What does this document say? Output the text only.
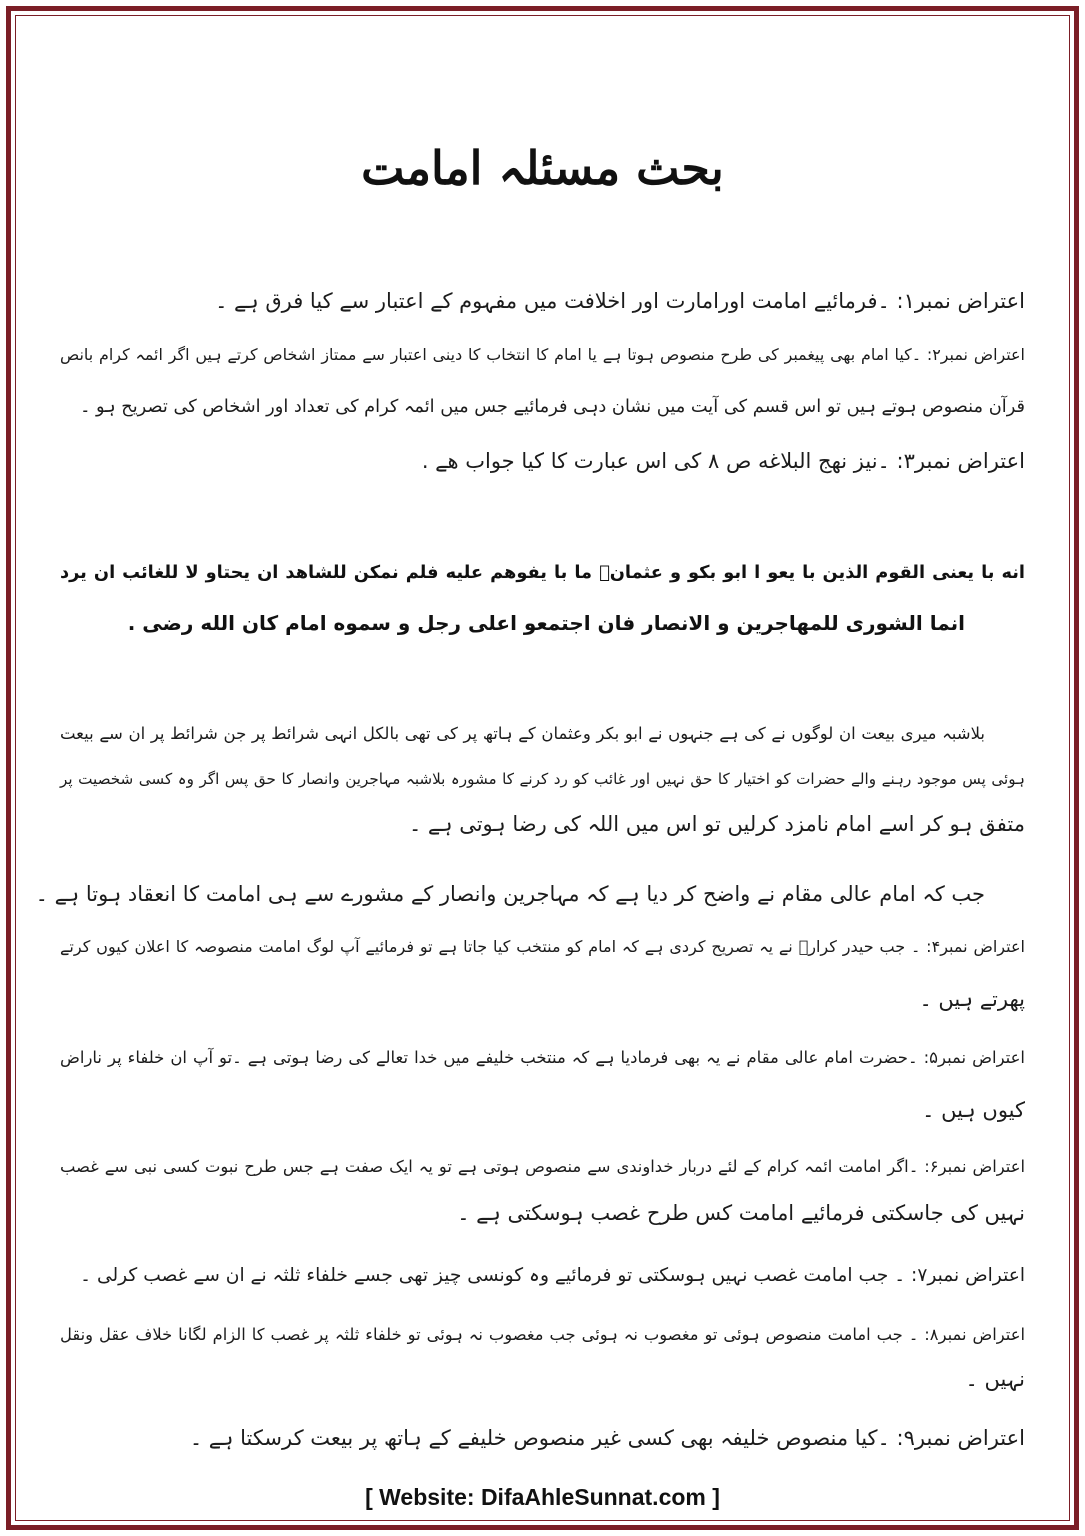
بحث مسئلہ امامت
اعتراض نمبر۱: ۔فرمائیے امامت اورامارت اور اخلافت میں مفہوم کے اعتبار سے کیا فرق ہے ۔
اعتراض نمبر۲: ۔کیا امام بھی پیغمبر کی طرح منصوص ہوتا ہے یا امام کا انتخاب کا دینی اعتبار سے ممتاز اشخاص کرتے ہیں اگر ائمہ کرام بانص
قرآن منصوص ہوتے ہیں تو اس قسم کی آیت میں نشان دہی فرمائیے جس میں ائمہ کرام کی تعداد اور اشخاص کی تصریح ہو ۔
اعتراض نمبر۳: ۔نیز نهج البلاغه ص ۸ کی اس عبارت کا کیا جواب هے .
انه با یعنی القوم الذین با یعو ا ابو بکو و عثمانؓ ما با یفوهم علیه فلم نمکن للشاهد ان یحتاو لا للغائب ان یرد
انما الشوری للمهاجرین و الانصار فان اجتمعو اعلی رجل و سموه امام کان الله رضی .
بلاشبہ میری بیعت ان لوگوں نے کی ہے جنہوں نے ابو بکر وعثمان کے ہاتھ پر کی تھی بالکل انہی شرائط پر جن شرائط پر ان سے بیعت
ہوئی پس موجود رہنے والے حضرات کو اختیار کا حق نہیں اور غائب کو رد کرنے کا مشورہ بلاشبہ مہاجرین وانصار کا حق پس اگر وہ کسی شخصیت پر
متفق ہو کر اسے امام نامزد کرلیں تو اس میں اللہ کی رضا ہوتی ہے ۔
جب کہ امام عالی مقام نے واضح کر دیا ہے کہ مہاجرین وانصار کے مشورے سے ہی امامت کا انعقاد ہوتا ہے ۔
اعتراض نمبر۴: ۔ جب حیدر کرارؓ نے یہ تصریح کردی ہے کہ امام کو منتخب کیا جاتا ہے تو فرمائیے آپ لوگ امامت منصوصہ کا اعلان کیوں کرتے
پھرتے ہیں ۔
اعتراض نمبر۵: ۔حضرت امام عالی مقام نے یہ بھی فرمادیا ہے کہ منتخب خلیفے میں خدا تعالے کی رضا ہوتی ہے ۔تو آپ ان خلفاء پر ناراض
کیوں ہیں ۔
اعتراض نمبر۶: ۔اگر امامت ائمہ کرام کے لئے دربار خداوندی سے منصوص ہوتی ہے تو یہ ایک صفت ہے جس طرح نبوت کسی نبی سے غصب
نہیں کی جاسکتی فرمائیے امامت کس طرح غصب ہوسکتی ہے ۔
اعتراض نمبر۷: ۔ جب امامت غصب نہیں ہوسکتی تو فرمائیے وہ کونسی چیز تھی جسے خلفاء ثلثہ نے ان سے غصب کرلی ۔
اعتراض نمبر۸: ۔ جب امامت منصوص ہوئی تو مغصوب نہ ہوئی جب مغصوب نہ ہوئی تو خلفاء ثلثہ پر غصب کا الزام لگانا خلاف عقل ونقل
نہیں ۔
اعتراض نمبر۹: ۔کیا منصوص خلیفہ بھی کسی غیر منصوص خلیفے کے ہاتھ پر بیعت کرسکتا ہے ۔
[ Website: DifaAhleSunnat.com ]
